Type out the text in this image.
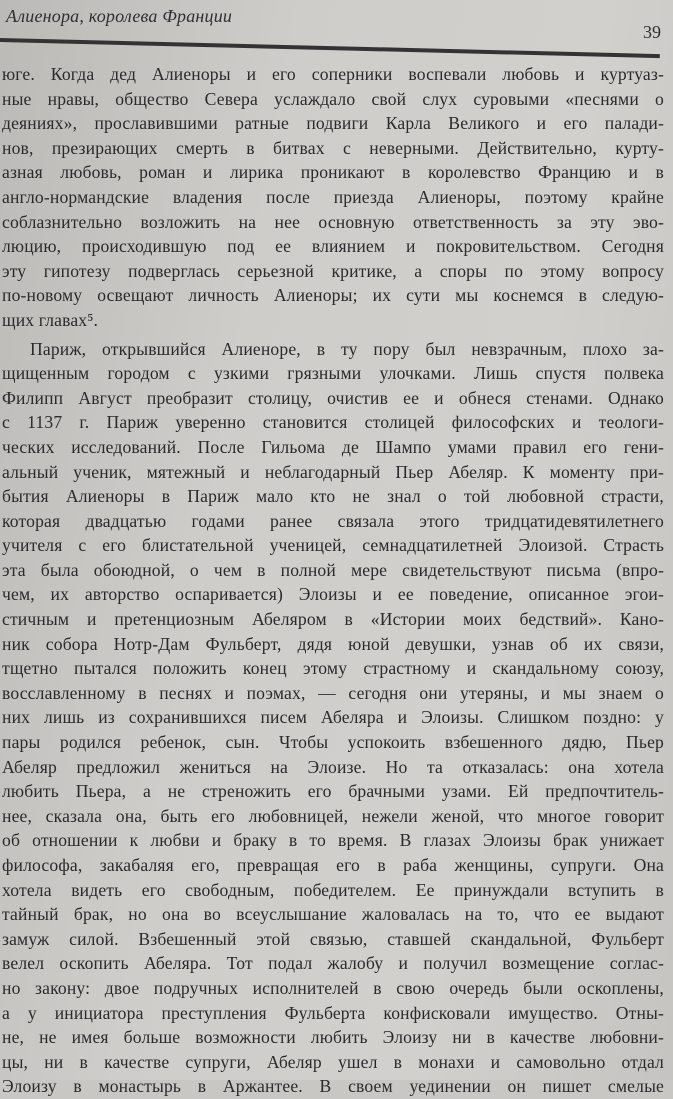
Алиенора, королева Франции
39
юге. Когда дед Алиеноры и его соперники воспевали любовь и куртуаз-
ные нравы, общество Севера услаждало свой слух суровыми «песнями о
деяниях», прославившими ратные подвиги Карла Великого и его палади-
нов, презирающих смерть в битвах с неверными. Действительно, курту-
азная любовь, роман и лирика проникают в королевство Францию и в
англо-нормандские владения после приезда Алиеноры, поэтому крайне
соблазнительно возложить на нее основную ответственность за эту эво-
люцию, происходившую под ее влиянием и покровительством. Сегодня
эту гипотезу подверглась серьезной критике, а споры по этому вопросу
по-новому освещают личность Алиеноры; их сути мы коснемся в следую-
щих главах⁵.
Париж, открывшийся Алиеноре, в ту пору был невзрачным, плохо за-
щищенным городом с узкими грязными улочками. Лишь спустя полвека
Филипп Август преобразит столицу, очистив ее и обнеся стенами. Однако
с 1137 г. Париж уверенно становится столицей философских и теологи-
ческих исследований. После Гильома де Шампо умами правил его гени-
альный ученик, мятежный и неблагодарный Пьер Абеляр. К моменту при-
бытия Алиеноры в Париж мало кто не знал о той любовной страсти,
которая двадцатью годами ранее связала этого тридцатидевятилетнего
учителя с его блистательной ученицей, семнадцатилетней Элоизой. Страсть
эта была обоюдной, о чем в полной мере свидетельствуют письма (впро-
чем, их авторство оспаривается) Элоизы и ее поведение, описанное эгои-
стичным и претенциозным Абеляром в «Истории моих бедствий». Кано-
ник собора Нотр-Дам Фульберт, дядя юной девушки, узнав об их связи,
тщетно пытался положить конец этому страстному и скандальному союзу,
восславленному в песнях и поэмах, — сегодня они утеряны, и мы знаем о
них лишь из сохранившихся писем Абеляра и Элоизы. Слишком поздно: у
пары родился ребенок, сын. Чтобы успокоить взбешенного дядю, Пьер
Абеляр предложил жениться на Элоизе. Но та отказалась: она хотела
любить Пьера, а не стреножить его брачными узами. Ей предпочтитель-
нее, сказала она, быть его любовницей, нежели женой, что многое говорит
об отношении к любви и браку в то время. В глазах Элоизы брак унижает
философа, закабаляя его, превращая его в раба женщины, супруги. Она
хотела видеть его свободным, победителем. Ее принуждали вступить в
тайный брак, но она во всеуслышание жаловалась на то, что ее выдают
замуж силой. Взбешенный этой связью, ставшей скандальной, Фульберт
велел оскопить Абеляра. Тот подал жалобу и получил возмещение соглас-
но закону: двое подручных исполнителей в свою очередь были оскоплены,
а у инициатора преступления Фульберта конфисковали имущество. Отны-
не, не имея больше возможности любить Элоизу ни в качестве любовни-
цы, ни в качестве супруги, Абеляр ушел в монахи и самовольно отдал
Элоизу в монастырь в Аржантее. В своем уединении он пишет смелые
